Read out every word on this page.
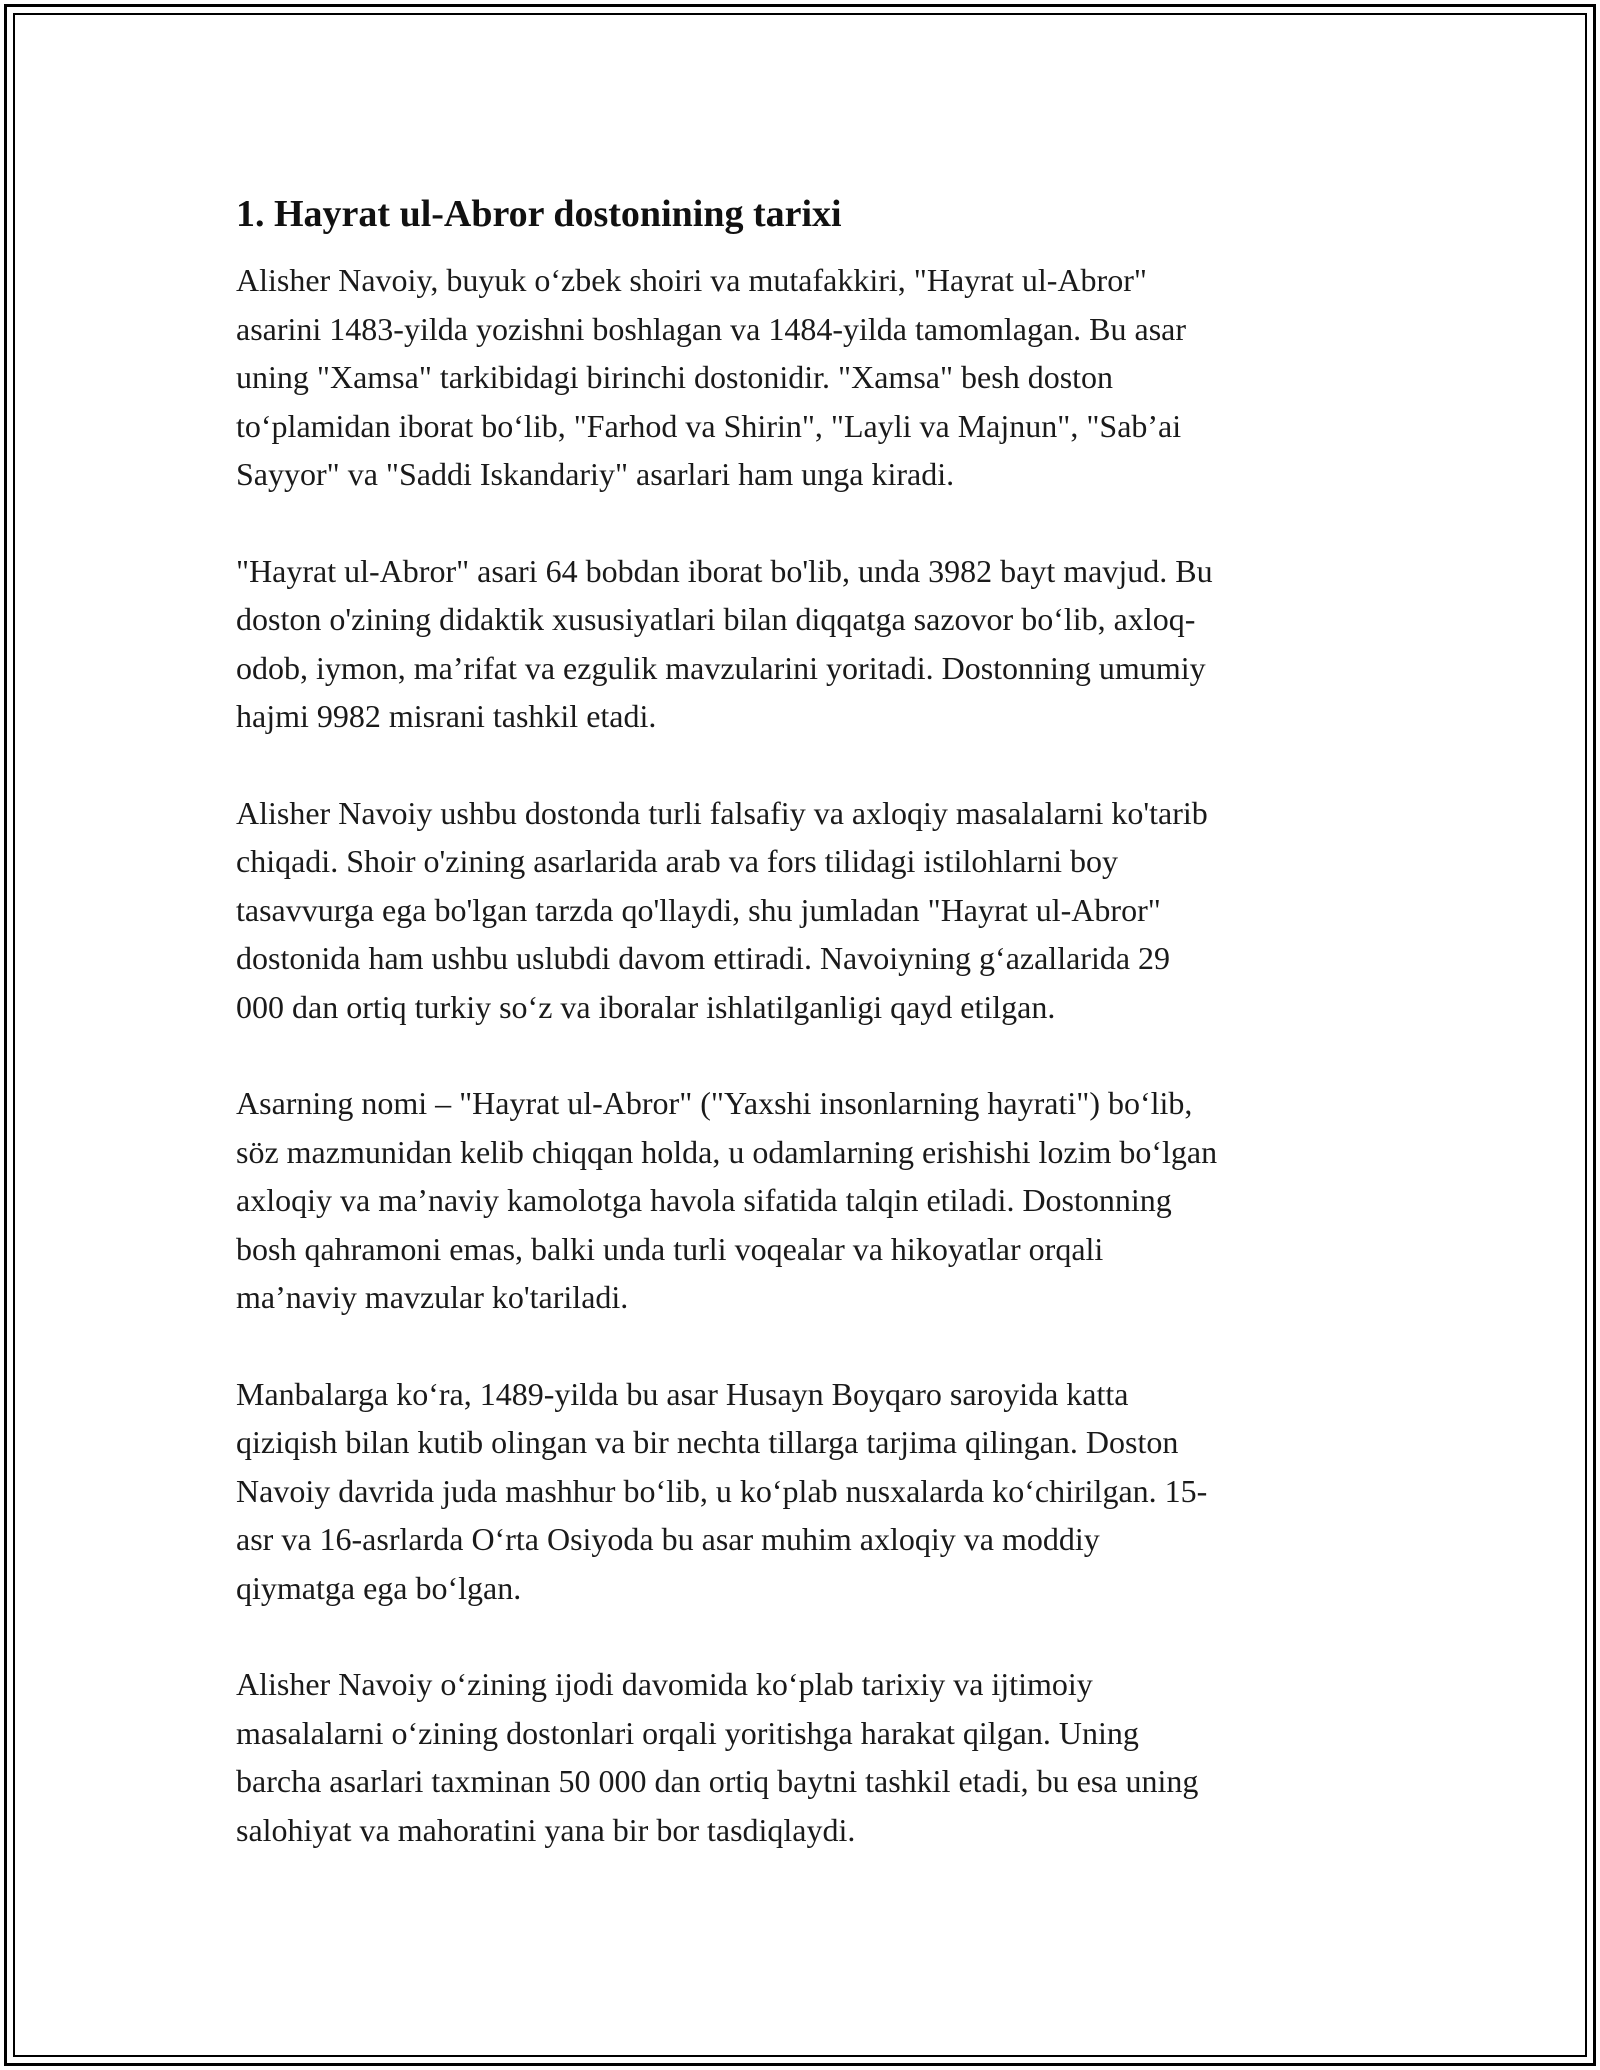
1. Hayrat ul-Abror dostonining tarixi

Alisher Navoiy, buyuk o‘zbek shoiri va mutafakkiri, "Hayrat ul-Abror"
asarini 1483-yilda yozishni boshlagan va 1484-yilda tamomlagan. Bu asar
uning "Xamsa" tarkibidagi birinchi dostonidir. "Xamsa" besh doston
to‘plamidan iborat bo‘lib, "Farhod va Shirin", "Layli va Majnun", "Sab’ai
Sayyor" va "Saddi Iskandariy" asarlari ham unga kiradi.

"Hayrat ul-Abror" asari 64 bobdan iborat bo'lib, unda 3982 bayt mavjud. Bu
doston o'zining didaktik xususiyatlari bilan diqqatga sazovor bo‘lib, axloq-
odob, iymon, ma’rifat va ezgulik mavzularini yoritadi. Dostonning umumiy
hajmi 9982 misrani tashkil etadi.

Alisher Navoiy ushbu dostonda turli falsafiy va axloqiy masalalarni ko'tarib
chiqadi. Shoir o'zining asarlarida arab va fors tilidagi istilohlarni boy
tasavvurga ega bo'lgan tarzda qo'llaydi, shu jumladan "Hayrat ul-Abror"
dostonida ham ushbu uslubdi davom ettiradi. Navoiyning g‘azallarida 29
000 dan ortiq turkiy so‘z va iboralar ishlatilganligi qayd etilgan.

Asarning nomi – "Hayrat ul-Abror" ("Yaxshi insonlarning hayrati") bo‘lib,
söz mazmunidan kelib chiqqan holda, u odamlarning erishishi lozim bo‘lgan
axloqiy va ma’naviy kamolotga havola sifatida talqin etiladi. Dostonning
bosh qahramoni emas, balki unda turli voqealar va hikoyatlar orqali
ma’naviy mavzular ko'tariladi.

Manbalarga ko‘ra, 1489-yilda bu asar Husayn Boyqaro saroyida katta
qiziqish bilan kutib olingan va bir nechta tillarga tarjima qilingan. Doston
Navoiy davrida juda mashhur bo‘lib, u ko‘plab nusxalarda ko‘chirilgan. 15-
asr va 16-asrlarda O‘rta Osiyoda bu asar muhim axloqiy va moddiy
qiymatga ega bo‘lgan.

Alisher Navoiy o‘zining ijodi davomida ko‘plab tarixiy va ijtimoiy
masalalarni o‘zining dostonlari orqali yoritishga harakat qilgan. Uning
barcha asarlari taxminan 50 000 dan ortiq baytni tashkil etadi, bu esa uning
salohiyat va mahoratini yana bir bor tasdiqlaydi.
